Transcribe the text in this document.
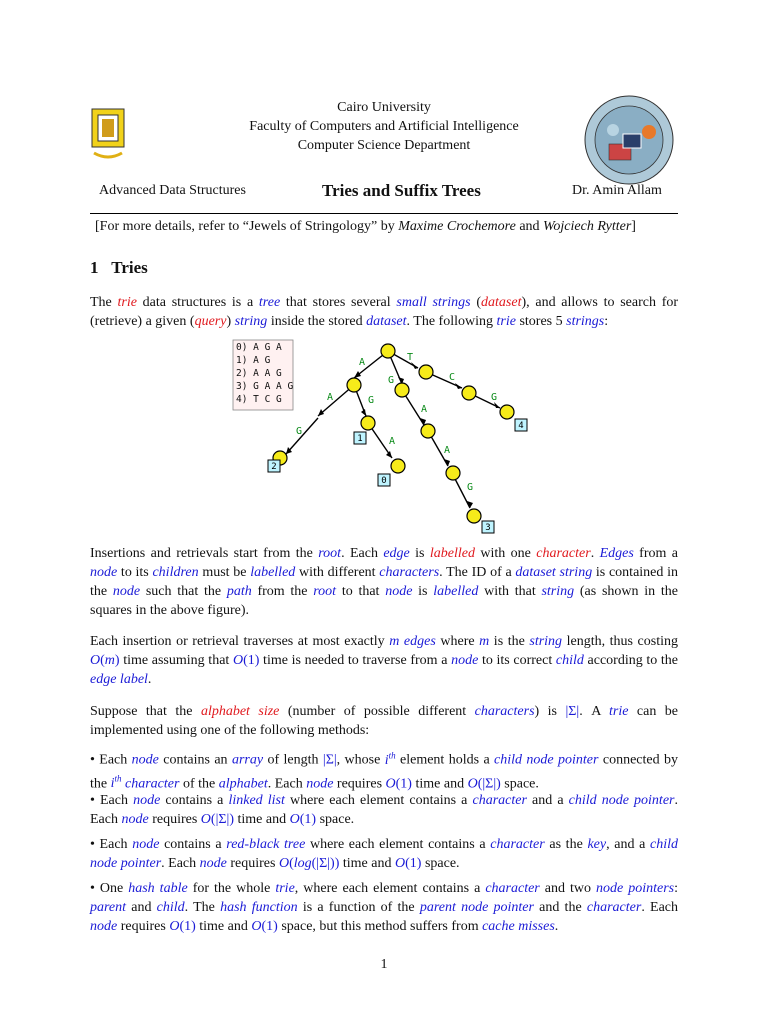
Cairo University
Faculty of Computers and Artificial Intelligence
Computer Science Department
Advanced Data Structures	Tries and Suffix Trees	Dr. Amin Allam
[For more details, refer to “Jewels of Stringology” by Maxime Crochemore and Wojciech Rytter]
1 Tries
The trie data structures is a tree that stores several small strings (dataset), and allows to search for (retrieve) a given (query) string inside the stored dataset. The following trie stores 5 strings:
0) A G A
1) A G
2) A A G
3) G A A G
4) T C G
A	T
G	C
A	G	G
A
G
A
A
G
1
2
0
4
3
Insertions and retrievals start from the root. Each edge is labelled with one character. Edges from a node to its children must be labelled with different characters. The ID of a dataset string is contained in the node such that the path from the root to that node is labelled with that string (as shown in the squares in the above figure).
Each insertion or retrieval traverses at most exactly m edges where m is the string length, thus costing O(m) time assuming that O(1) time is needed to traverse from a node to its correct child according to the edge label.
Suppose that the alphabet size (number of possible different characters) is |Σ|. A trie can be implemented using one of the following methods:
• Each node contains an array of length |Σ|, whose $i^{th}$ element holds a child node pointer connected by the $i^{th}$ character of the alphabet. Each node requires O(1) time and O(|Σ|) space.
• Each node contains a linked list where each element contains a character and a child node pointer. Each node requires O(|Σ|) time and O(1) space.
• Each node contains a red-black tree where each element contains a character as the key, and a child node pointer. Each node requires O(log(|Σ|)) time and O(1) space.
• One hash table for the whole trie, where each element contains a character and two node pointers: parent and child. The hash function is a function of the parent node pointer and the character. Each node requires O(1) time and O(1) space, but this method suffers from cache misses.
1
